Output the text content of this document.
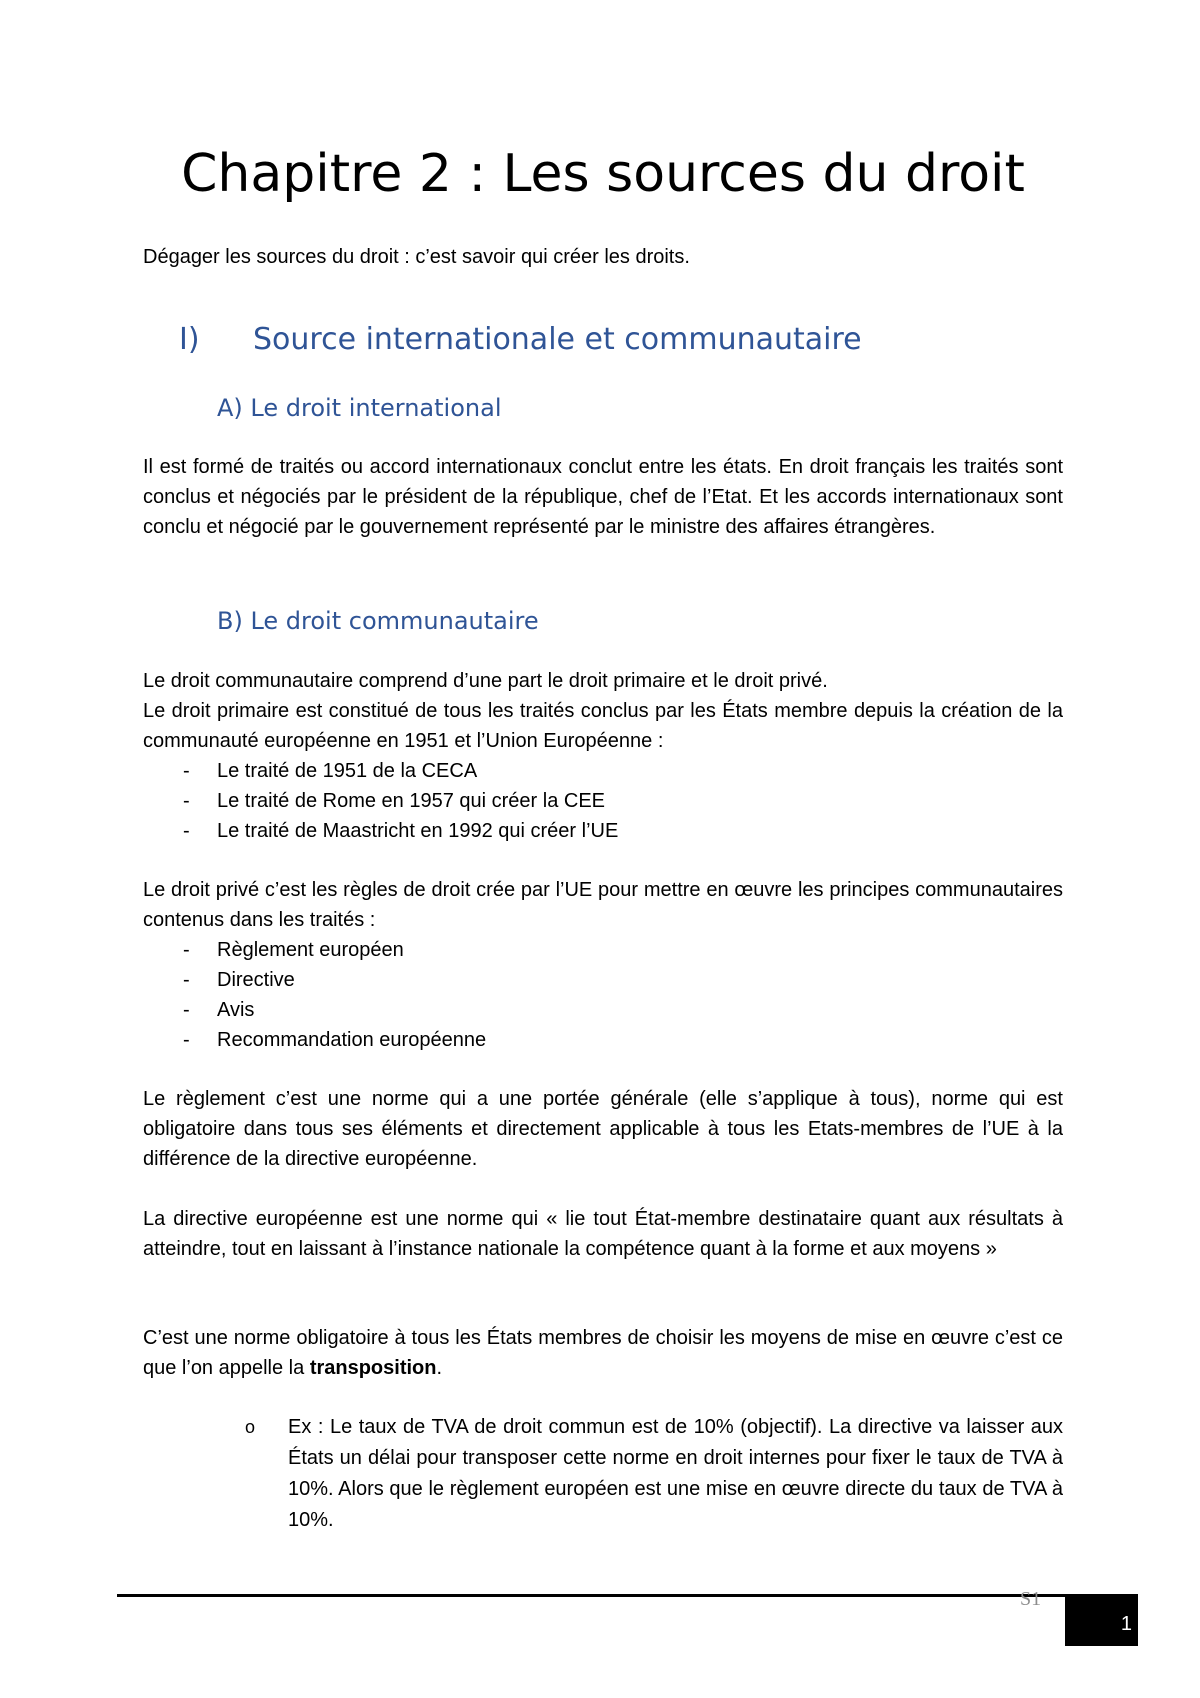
Chapitre 2 : Les sources du droit

Dégager les sources du droit : c’est savoir qui créer les droits.

I) Source internationale et communautaire
A) Le droit international

Il est formé de traités ou accord internationaux conclut entre les états. En droit français les traités sont conclus et négociés par le président de la république, chef de l’Etat. Et les accords internationaux sont conclu et négocié par le gouvernement représenté par le ministre des affaires étrangères.

B) Le droit communautaire

Le droit communautaire comprend d’une part le droit primaire et le droit privé.

Le droit primaire est constitué de tous les traités conclus par les États membre depuis la création de la communauté européenne en 1951 et l’Union Européenne :

- Le traité de 1951 de la CECA
- Le traité de Rome en 1957 qui créer la CEE
- Le traité de Maastricht en 1992 qui créer l’UE

Le droit privé c’est les règles de droit crée par l’UE pour mettre en œuvre les principes communautaires contenus dans les traités :

- Règlement européen
- Directive
- Avis
- Recommandation européenne

Le règlement c’est une norme qui a une portée générale (elle s’applique à tous), norme qui est obligatoire dans tous ses éléments et directement applicable à tous les Etats-membres de l’UE à la différence de la directive européenne.

La directive européenne est une norme qui « lie tout État-membre destinataire quant aux résultats à atteindre, tout en laissant à l’instance nationale la compétence quant à la forme et aux moyens »

C’est une norme obligatoire à tous les États membres de choisir les moyens de mise en œuvre c’est ce que l’on appelle la transposition.

o Ex : Le taux de TVA de droit commun est de 10% (objectif). La directive va laisser aux États un délai pour transposer cette norme en droit internes pour fixer le taux de TVA à 10%. Alors que le règlement européen est une mise en œuvre directe du taux de TVA à 10%.
S1
1
